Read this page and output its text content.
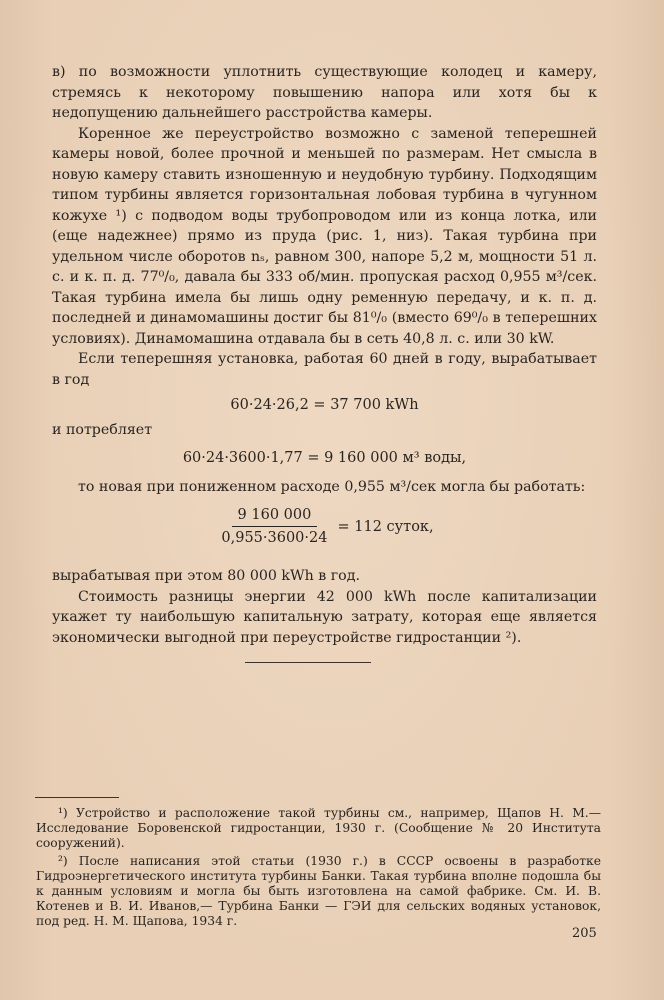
в) по возможности уплотнить существующие колодец и камеру, стремясь к некоторому повышению напора или хотя бы к недопущению дальнейшего расстройства камеры.

Коренное же переустройство возможно с заменой теперешней камеры новой, более прочной и меньшей по размерам. Нет смысла в новую камеру ставить изношенную и неудобную турбину. Подходящим типом турбины является горизонтальная лобовая турбина в чугунном кожухе ¹) с подводом воды трубопроводом или из конца лотка, или (еще надежнее) прямо из пруда (рис. 1, низ). Такая турбина при удельном числе оборотов nₛ, равном 300, напоре 5,2 м, мощности 51 л. с. и к. п. д. 77⁰/₀, давала бы 333 об/мин. пропуская расход 0,955 м³/сек. Такая турбина имела бы лишь одну ременную передачу, и к. п. д. последней и динамомашины достиг бы 81⁰/₀ (вместо 69⁰/₀ в теперешних условиях). Динамомашина отдавала бы в сеть 40,8 л. с. или 30 kW.

Если теперешняя установка, работая 60 дней в году, вырабатывает в год

60·24·26,2 = 37 700 kWh

и потребляет

60·24·3600·1,77 = 9 160 000 м³ воды,

то новая при пониженном расходе 0,955 м³/сек могла бы работать:

$\frac{9 160 000}{0,955\cdot 3600\cdot 24} = 112$ суток,

вырабатывая при этом 80 000 kWh в год.

Стоимость разницы энергии 42 000 kWh после капитализации укажет ту наибольшую капитальную затрату, которая еще является экономически выгодной при переустройстве гидростанции ²).

¹) Устройство и расположение такой турбины см., например, Щапов Н. М.— Исследование Боровенской гидростанции, 1930 г. (Сообщение № 20 Института сооружений).

²) После написания этой статьи (1930 г.) в СССР освоены в разработке Гидроэнергетического института турбины Банки. Такая турбина вполне подошла бы к данным условиям и могла бы быть изготовлена на самой фабрике. См. И. В. Котенев и В. И. Иванов,— Турбина Банки — ГЭИ для сельских водяных установок, под ред. Н. М. Щапова, 1934 г.

205
